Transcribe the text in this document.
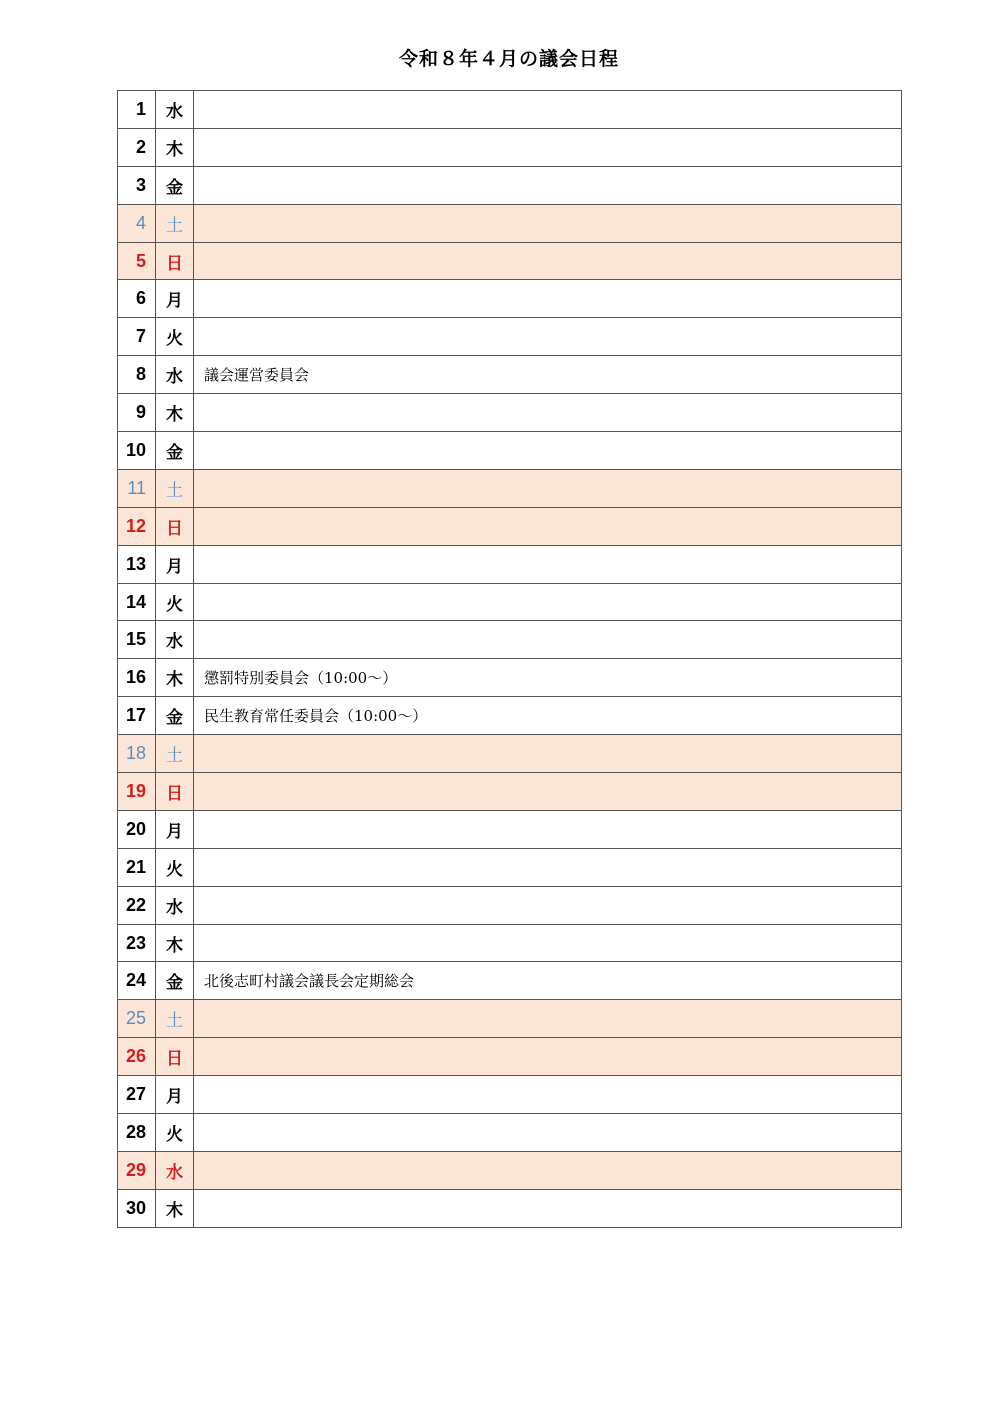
令和８年４月の議会日程
1	水	
2	木	
3	金	
4	土	
5	日	
6	月	
7	火	
8	水	議会運営委員会
9	木	
10	金	
11	土	
12	日	
13	月	
14	火	
15	水	
16	木	懲罰特別委員会（10:00～）
17	金	民生教育常任委員会（10:00～）
18	土	
19	日	
20	月	
21	火	
22	水	
23	木	
24	金	北後志町村議会議長会定期総会
25	土	
26	日	
27	月	
28	火	
29	水	
30	木	
